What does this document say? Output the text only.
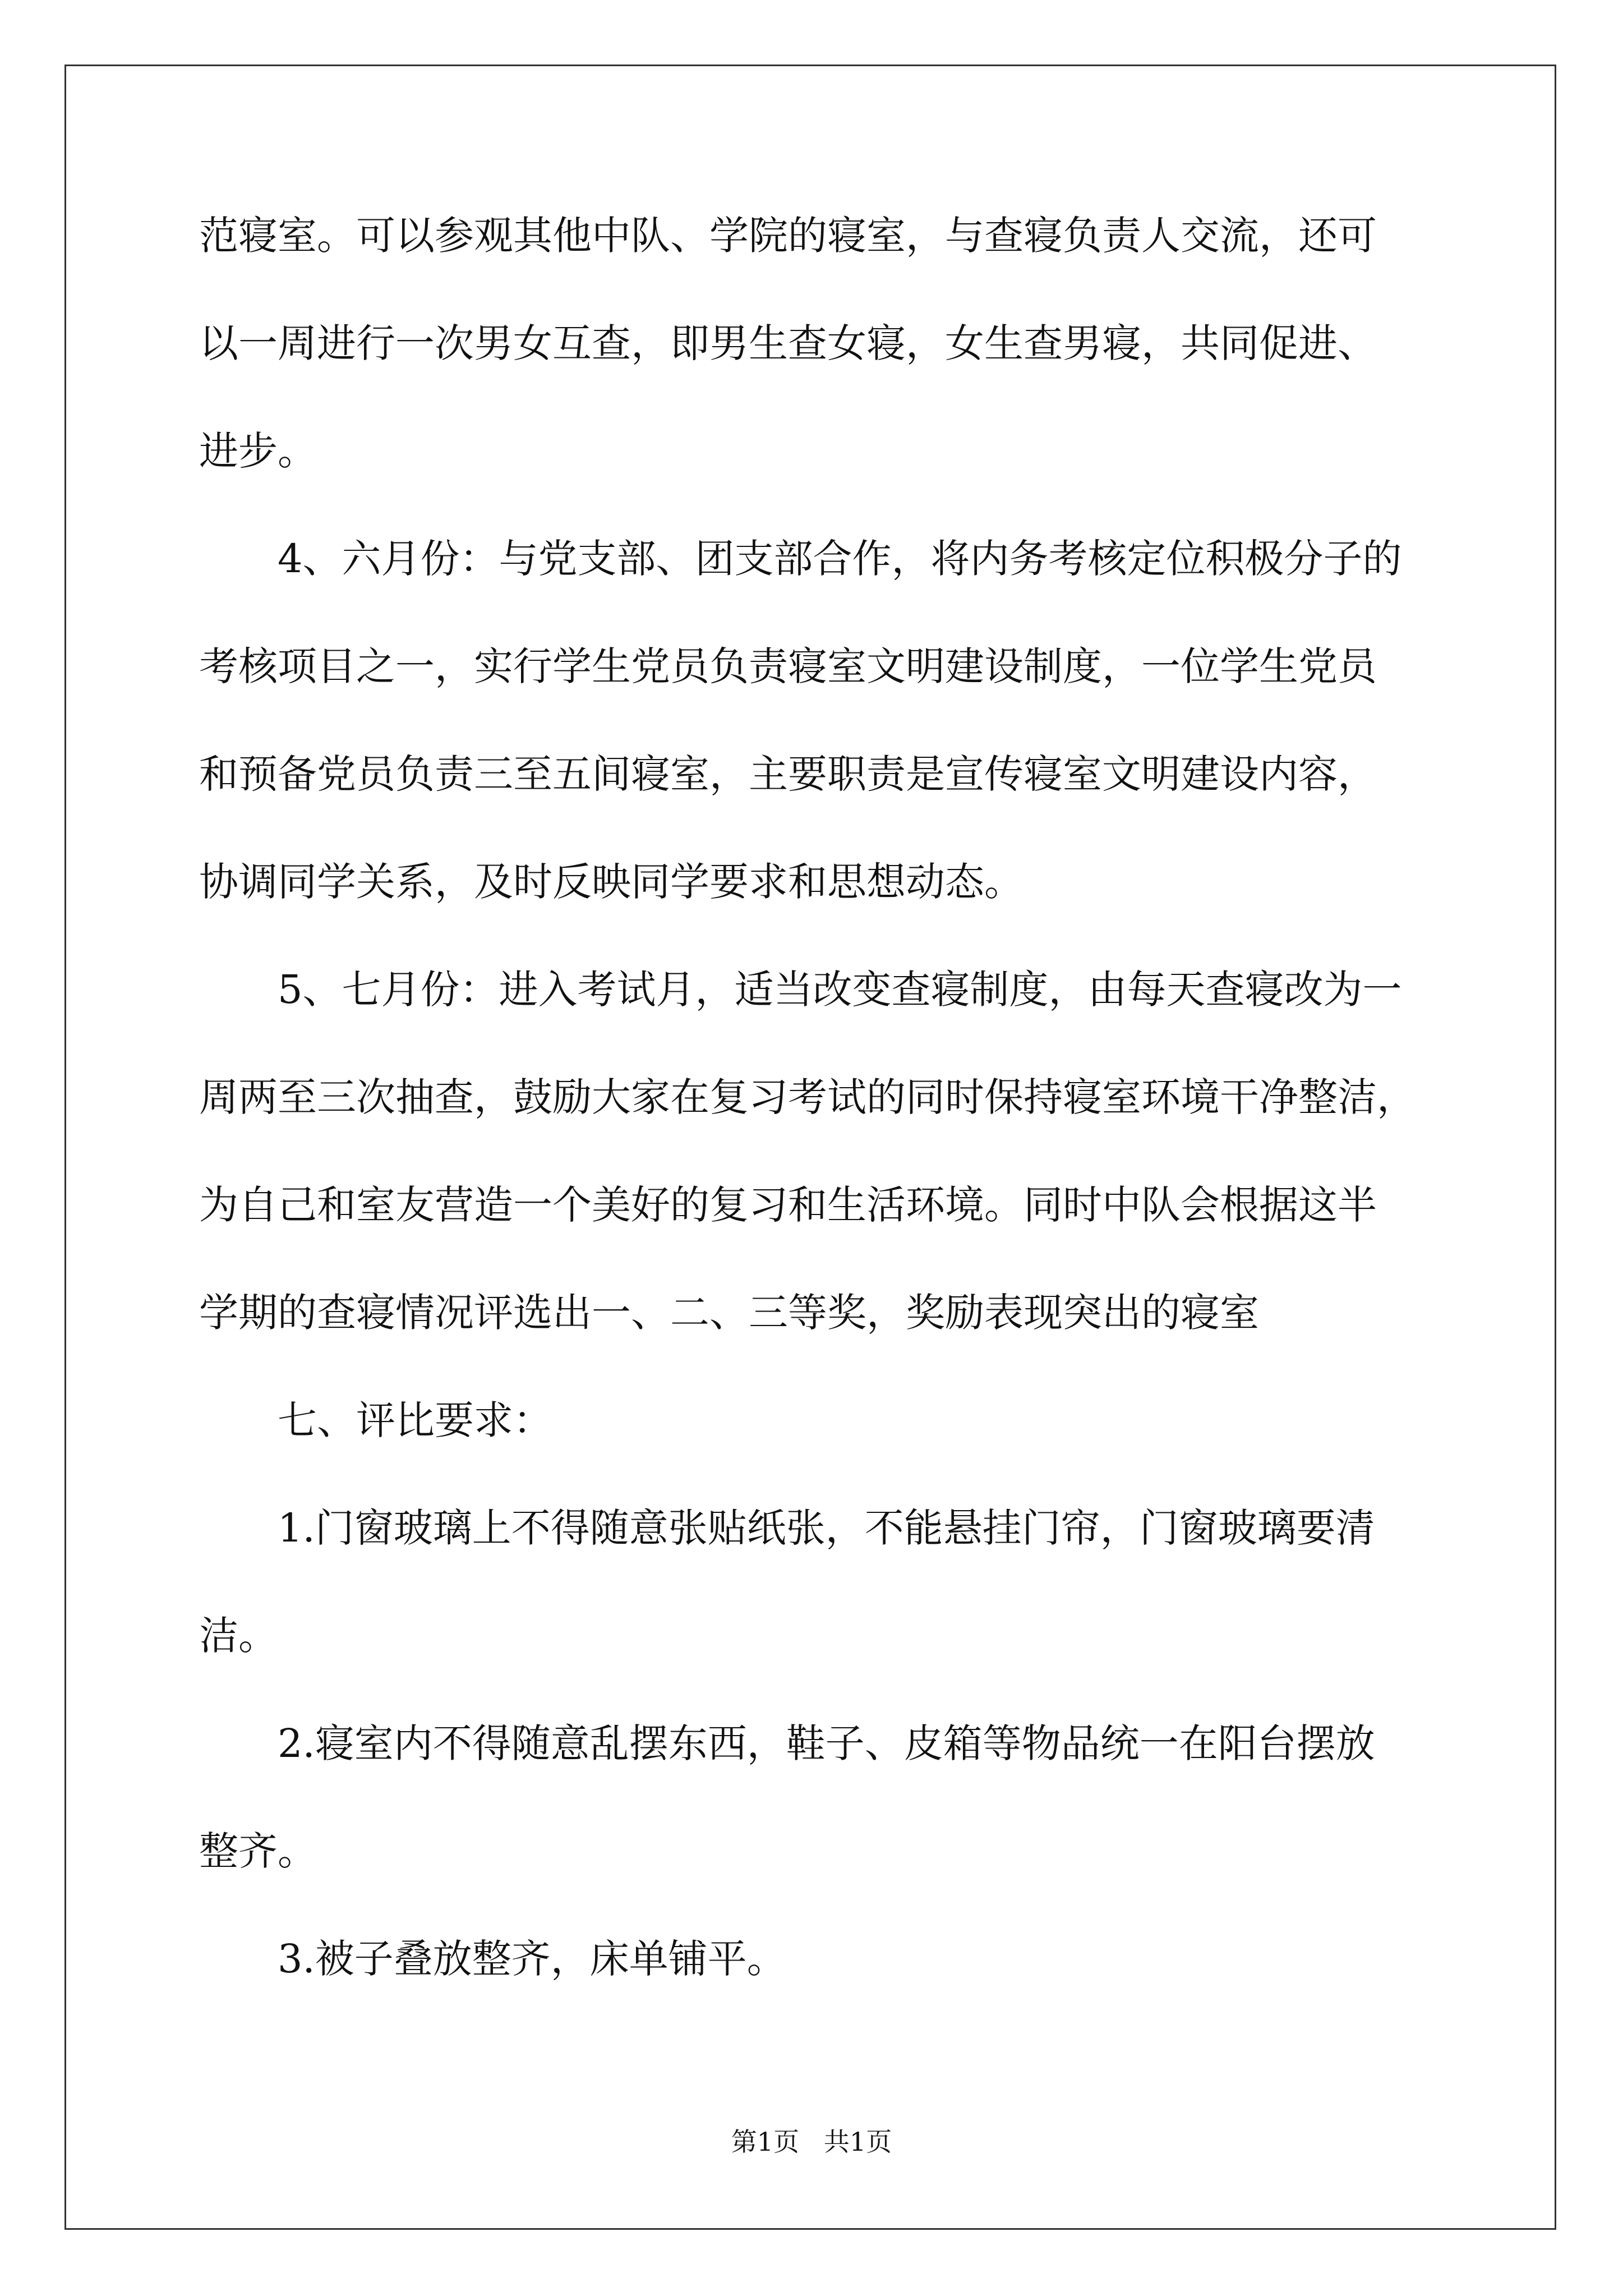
范寝室。可以参观其他中队、学院的寝室，与查寝负责人交流，还可
以一周进行一次男女互查，即男生查女寝，女生查男寝，共同促进、
进步。
4、六月份：与党支部、团支部合作，将内务考核定位积极分子的
考核项目之一，实行学生党员负责寝室文明建设制度，一位学生党员
和预备党员负责三至五间寝室，主要职责是宣传寝室文明建设内容，
协调同学关系，及时反映同学要求和思想动态。
5、七月份：进入考试月，适当改变查寝制度，由每天查寝改为一
周两至三次抽查，鼓励大家在复习考试的同时保持寝室环境干净整洁，
为自己和室友营造一个美好的复习和生活环境。同时中队会根据这半
学期的查寝情况评选出一、二、三等奖，奖励表现突出的寝室
七、评比要求：
1.门窗玻璃上不得随意张贴纸张，不能悬挂门帘，门窗玻璃要清
洁。
2.寝室内不得随意乱摆东西，鞋子、皮箱等物品统一在阳台摆放
整齐。
3.被子叠放整齐，床单铺平。
第1页   共1页
